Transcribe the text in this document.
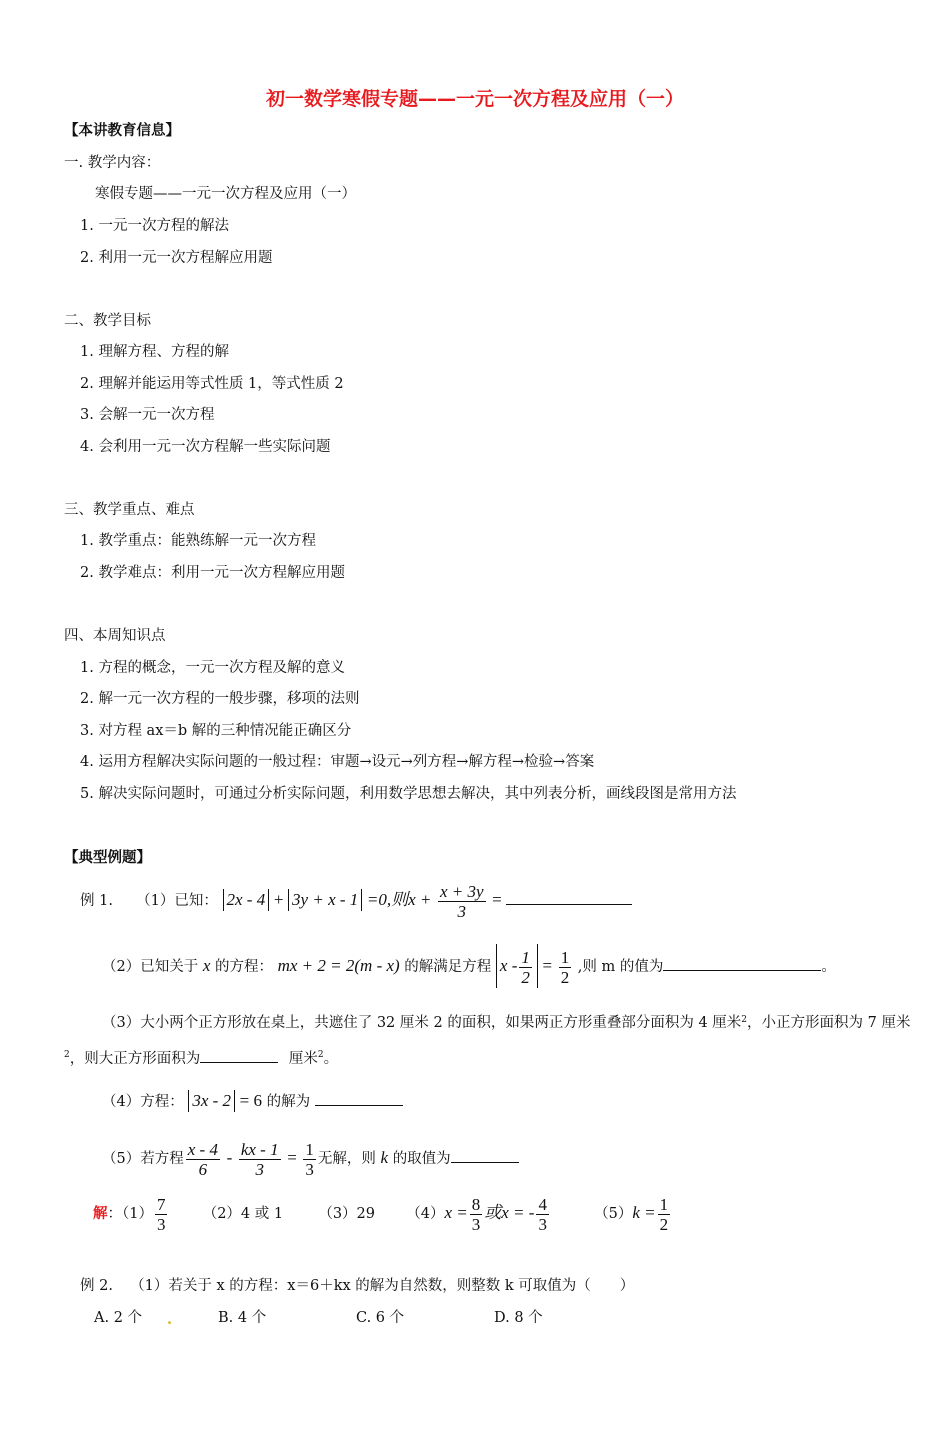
初一数学寒假专题——一元一次方程及应用（一）
【本讲教育信息】
一. 教学内容：
寒假专题——一元一次方程及应用（一）
1. 一元一次方程的解法
2. 利用一元一次方程解应用题
二、教学目标
1. 理解方程、方程的解
2. 理解并能运用等式性质 1，等式性质 2
3. 会解一元一次方程
4. 会利用一元一次方程解一些实际问题
三、教学重点、难点
1. 教学重点：能熟练解一元一次方程
2. 教学难点：利用一元一次方程解应用题
四、本周知识点
1. 方程的概念，一元一次方程及解的意义
2. 解一元一次方程的一般步骤，移项的法则
3. 对方程 ax＝b 解的三种情况能正确区分
4. 运用方程解决实际问题的一般过程：审题→设元→列方程→解方程→检验→答案
5. 解决实际问题时，可通过分析实际问题，利用数学思想去解决，其中列表分析，画线段图是常用方法
【典型例题】
例 1. （1）已知： 2x - 4 + 3y + x - 1 =0,则$x + \frac{x + 3y}{3}$ =
（2）已知关于 x 的方程： mx + 2 = 2(m - x) 的解满足方程 $x - \frac{1}{2} = \frac{1}{2}$ ,则 m 的值为	。
（3）大小两个正方形放在桌上，共遮住了 32 厘米 2 的面积，如果两正方形重叠部分面积为 4 厘米$^2$，小正方形面积为 7 厘米
$^2$，则大正方形面积为	厘米$^2$。
（4）方程： 3x - 2 = 6 的解为
（5）若方程 $\frac{x - 4}{6} - \frac{kx - 1}{3} = \frac{1}{3}$ 无解，则 k 的取值为
解：$(1) \frac{7}{3} (2)4$ 或 1 （3）29 $(4)x = \frac{8}{3}$ 或x = - $\frac{4}{3}$	$(5)k = \frac{1}{2}$
例 2. （1）若关于 x 的方程：x＝6＋kx 的解为自然数，则整数 k 可取值为（　　）
A. 2 个 .	B. 4 个	C. 6 个	D. 8 个
